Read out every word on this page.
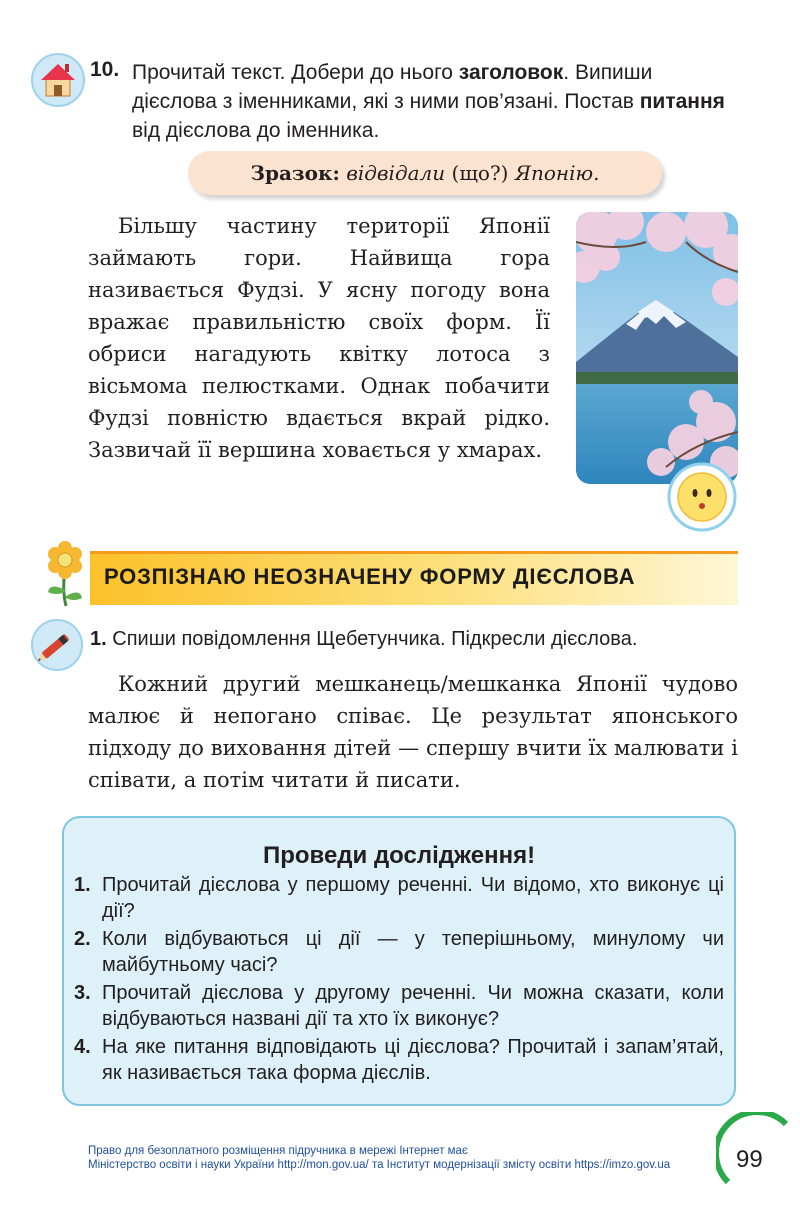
10. Прочитай текст. Добери до нього заголовок. Випиши дієслова з іменниками, які з ними пов’язані. Постав питання від дієслова до іменника.
Зразок: відвідали (що?) Японію.
Більшу частину території Японії займають гори. Найвища гора називається Фудзі. У ясну погоду вона вражає правильністю своїх форм. Її обриси нагадують квітку лотоса з вісьмома пелюстками. Однак побачити Фудзі повністю вдається вкрай рідко. Зазвичай її вершина ховається у хмарах.
РОЗПІЗНАЮ НЕОЗНАЧЕНУ ФОРМУ ДІЄСЛОВА
1. Спиши повідомлення Щебетунчика. Підкресли дієслова.
Кожний другий мешканець/мешканка Японії чудово малює й непогано співає. Це результат японського підходу до виховання дітей — спершу вчити їх малювати і співати, а потім читати й писати.
Проведи дослідження!
1. Прочитай дієслова у першому реченні. Чи відомо, хто виконує ці дії?
2. Коли відбуваються ці дії — у теперішньому, минулому чи майбутньому часі?
3. Прочитай дієслова у другому реченні. Чи можна сказати, коли відбуваються названі дії та хто їх виконує?
4. На яке питання відповідають ці дієслова? Прочитай і запам’ятай, як називається така форма дієслів.
Право для безоплатного розміщення підручника в мережі Інтернет має
Міністерство освіти і науки України http://mon.gov.ua/ та Інститут модернізації змісту освіти https://imzo.gov.ua	99
